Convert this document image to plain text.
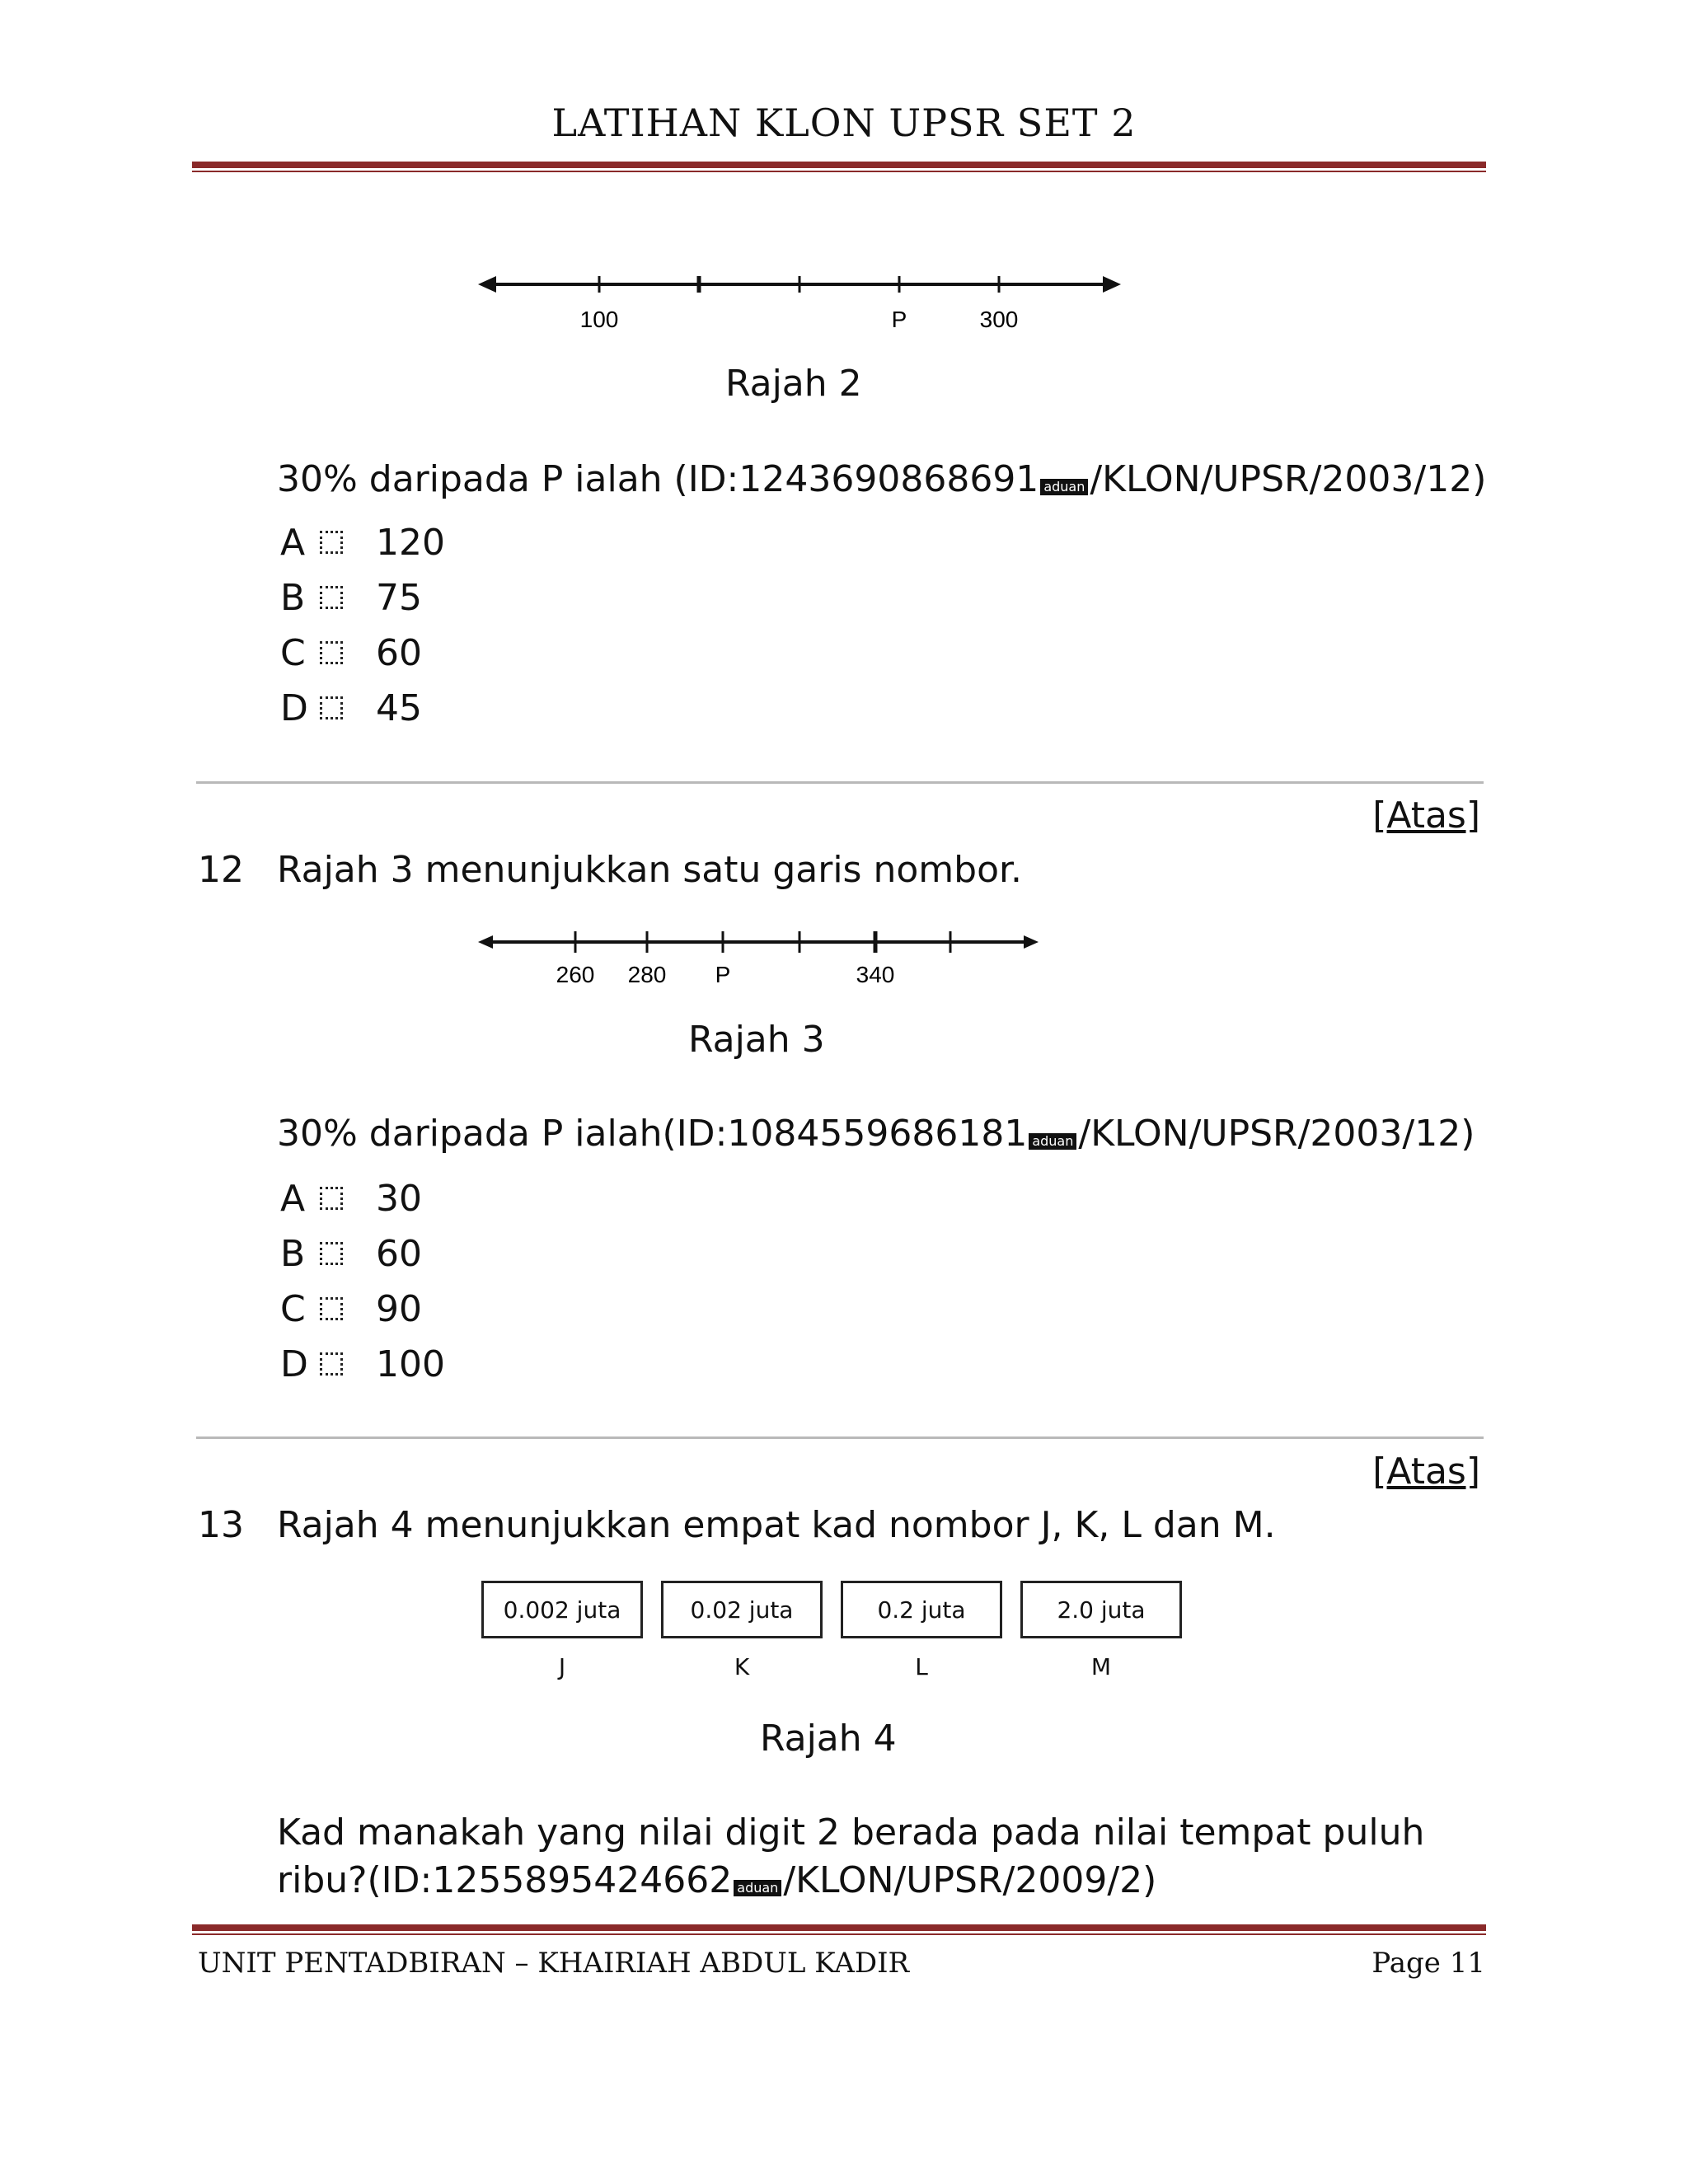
LATIHAN KLON UPSR SET 2
100	P	300
Rajah 2
30% daripada P ialah (ID:1243690868691 aduan /KLON/UPSR/2003/12)
A	120
B	75
C	60
D	45
[Atas]
12 Rajah 3 menunjukkan satu garis nombor.
260 280 P	340
Rajah 3
30% daripada P ialah(ID:1084559686181 aduan /KLON/UPSR/2003/12)
A	30
B	60
C	90
D	100
[Atas]
13 Rajah 4 menunjukkan empat kad nombor J, K, L dan M.
0.002 juta
J
0.02 juta
K
0.2 juta
L
2.0 juta
M
Rajah 4
Kad manakah yang nilai digit 2 berada pada nilai tempat puluh
ribu?(ID:1255895424662 aduan /KLON/UPSR/2009/2)
UNIT PENTADBIRAN – KHAIRIAH ABDUL KADIR	Page 11
